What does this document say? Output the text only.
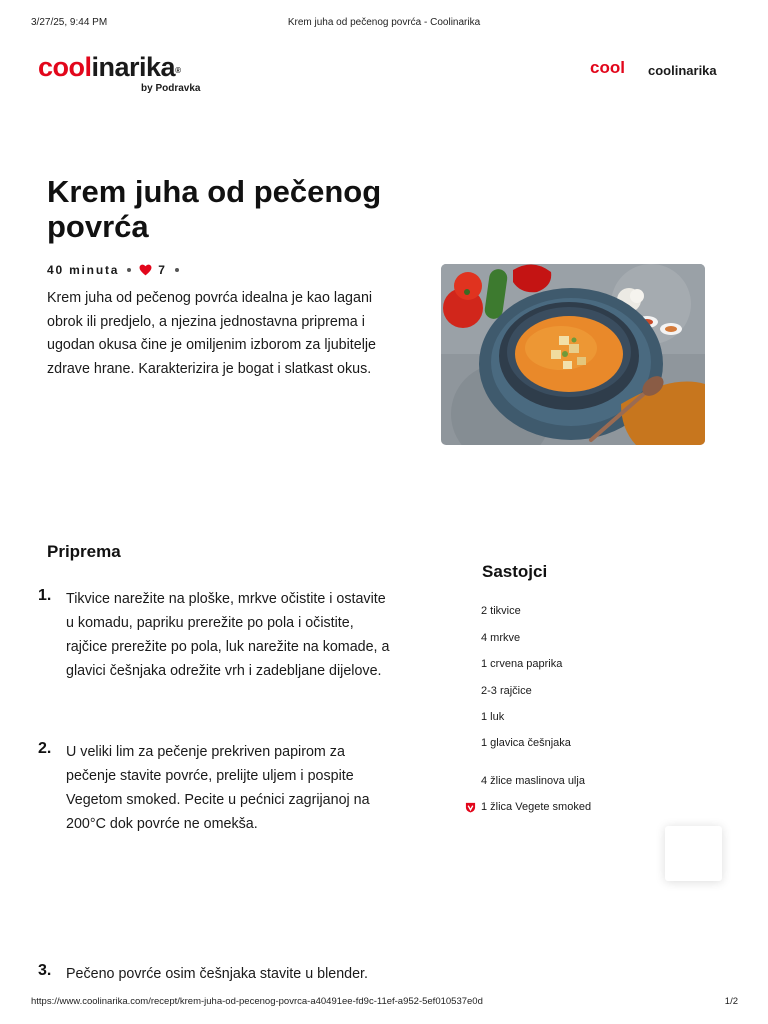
3/27/25, 9:44 PM	Krem juha od pečenog povrća - Coolinarika
coolinarika®
by Podravka
cool coolinarika
Krem juha od pečenog povrća
40 minuta	7

Krem juha od pečenog povrća idealna je kao lagani obrok ili predjelo, a njezina jednostavna priprema i ugodan okusa čine je omiljenim izborom za ljubitelje zdrave hrane. Karakterizira je bogat i slatkast okus.

Priprema
1. Tikvice narežite na ploške, mrkve očistite i ostavite u komadu, papriku prerežite po pola i očistite, rajčice prerežite po pola, luk narežite na komade, a glavici češnjaka odrežite vrh i zadebljane dijelove.

2. U veliki lim za pečenje prekriven papirom za pečenje stavite povrće, prelijte uljem i pospite Vegetom smoked. Pecite u pećnici zagrijanoj na 200°C dok povrće ne omekša.

3. Pečeno povrće osim češnjaka stavite u blender.

Sastojci
2 tikvice
4 mrkve
1 crvena paprika
2-3 rajčice
1 luk
1 glavica češnjaka
4 žlice maslinova ulja
1 žlica Vegete smoked
https://www.coolinarika.com/recept/krem-juha-od-pecenog-povrca-a40491ee-fd9c-11ef-a952-5ef010537e0d	1/2
